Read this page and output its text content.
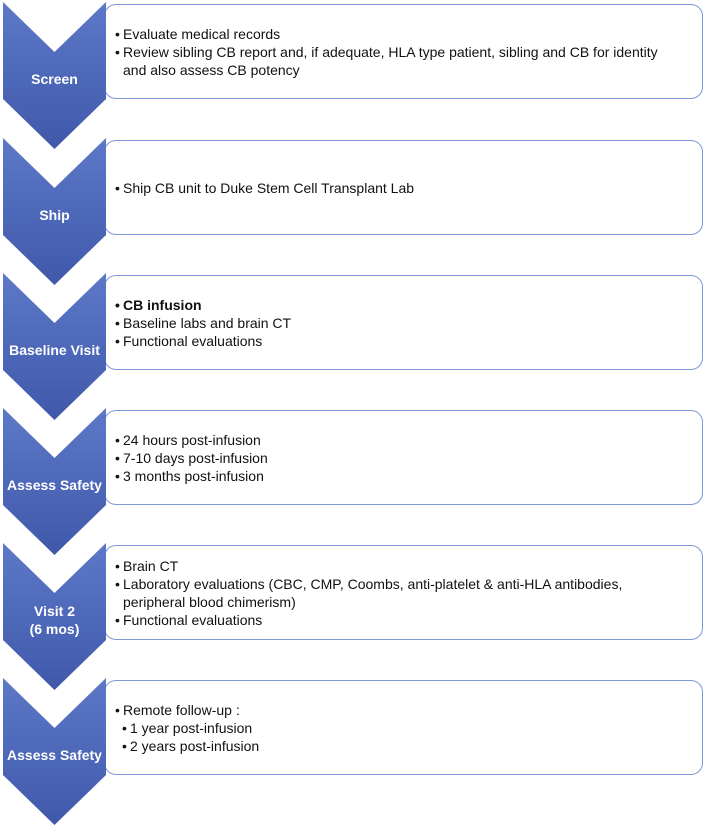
Screen
• Evaluate medical records
• Review sibling CB report and, if adequate, HLA type patient, sibling and CB for identity and also assess CB potency
Ship
• Ship CB unit to Duke Stem Cell Transplant Lab
Baseline Visit
• CB infusion
• Baseline labs and brain CT
• Functional evaluations
Assess Safety
• 24 hours post-infusion
• 7-10 days post-infusion
• 3 months post-infusion
Visit 2
(6 mos)
• Brain CT
• Laboratory evaluations (CBC, CMP, Coombs, anti-platelet & anti-HLA antibodies, peripheral blood chimerism)
• Functional evaluations
Assess Safety
• Remote follow-up :
• 1 year post-infusion
• 2 years post-infusion
